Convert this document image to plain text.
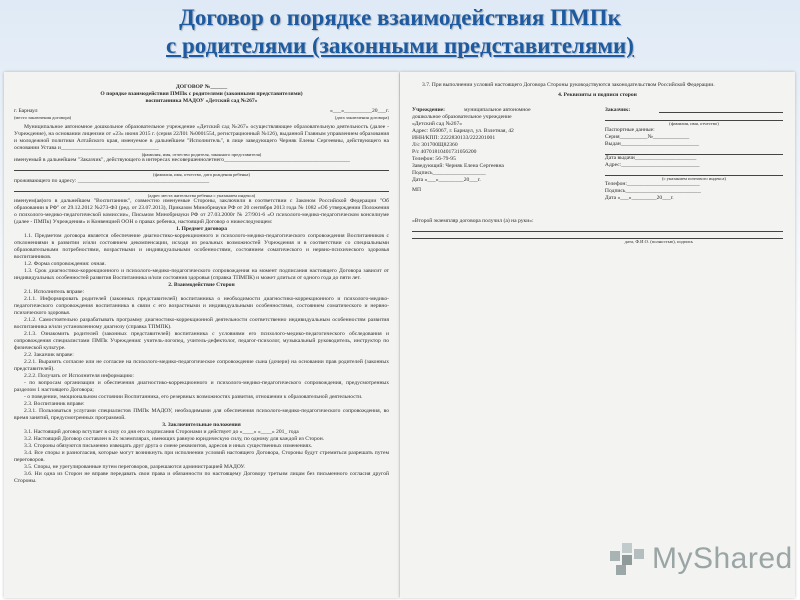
Договор о порядке взаимодействия ПМПк
с родителями (законными представителями)

ДОГОВОР №______

О порядке взаимодействия ПМПк с родителями (законными представителями)

воспитанника МАДОУ «Детский сад №267»

г. Барнаул	«___»__________20___г.
(место заключения договора)	(дата заключения договора)

Муниципальное автономное дошкольное образовательное учреждение «Детский сад №267» осуществляющее образовательную деятельность (далее - Учреждение), на основании лицензии от «23» июня 2015 г. (серия 22Л01 №0001554, регистрационный №126), выданной Главным управлением образования и молодежной политики Алтайского края, именуемое в дальнейшем "Исполнитель", в лице заведующего Черняк Елены Сергеевны, действующего на основании Устава и___________________________________

(фамилия, имя, отчество родителя, законного представителя)

именуемый в дальнейшем "Заказчик", действующего в интересах несовершеннолетнего_____________________________________________

(фамилия, имя, отчество, дата рождения ребенка)

проживающего по адресу: _______________________________________________

(адрес места жительства ребенка с указанием индекса)

именуем(ая)ого в дальнейшем "Воспитанник", совместно именуемые Стороны, заключили в соответствии с Законом Российской Федерации "Об образовании в РФ" от 29.12.2012 №273-ФЗ (ред. от 23.07.2013), Приказом Минобрнауки РФ от 20 сентября 2013 года № 1082 «Об утверждении Положения о психолого-медико-педагогической комиссии», Письмом Минобрнауки РФ от 27.03.2000г № 27/901-6 «О психолого-медико-педагогическом консилиуме (далее - ПМПк) Учреждения» и Конвенцией ООН о правах ребенка, настоящий Договор о нижеследующем:

1. Предмет договора

1.1. Предметом договора является обеспечение диагностико-коррекционного и психолого-медико-педагогического сопровождения Воспитанников с отклонениями в развитии и/или состоянием декомпенсации, исходя из реальных возможностей Учреждения и в соответствии со специальными образовательными потребностями, возрастными и индивидуальными особенностями, состоянием соматического и нервно-психического здоровья воспитанников.

1.2. Форма сопровождения: очная.

1.3. Срок диагностико-коррекционного и психолого-медико-педагогического сопровождения на момент подписания настоящего Договора зависит от индивидуальных особенностей развития Воспитанника и/или состояния здоровья (справка ТПМПК) и может длиться от одного года до пяти лет.

2. Взаимодействие Сторон

2.1. Исполнитель вправе:

2.1.1. Информировать родителей (законных представителей) воспитанника о необходимости диагностико-коррекционного и психолого-медико-педагогического сопровождения воспитанника в связи с его возрастными и индивидуальными особенностями, состоянием соматического и нервно-психического здоровья.

2.1.2. Самостоятельно разрабатывать программу диагностико-коррекционной деятельности соответственно индивидуальным особенностям развития воспитанника и/или установленному диагнозу (справка ТПМПК).

2.1.3. Ознакомить родителей (законных представителей) воспитанника с условиями его психолого-медико-педагогического обследования и сопровождения специалистами ПМПк Учреждения: учитель-логопед, учитель-дефектолог, педагог-психолог, музыкальный руководитель, инструктор по физической культуре.

2.2. Заказчик вправе:

2.2.1. Выразить согласие или не согласие на психолого-медико-педагогическое сопровождение сына (дочери) на основании прав родителей (законных представителей).

2.2.2. Получать от Исполнителя информацию:

- по вопросам организации и обеспечения диагностико-коррекционного и психолого-медико-педагогического сопровождения, предусмотренных разделом 1 настоящего Договора;

- о поведении, эмоциональном состоянии Воспитанника, его резервных возможностях развития, отношении к образовательной деятельности.

2.3. Воспитанник вправе:

2.3.1. Пользоваться услугами специалистов ПМПк МАДОУ, необходимыми для обеспечения психолого-медико-педагогического сопровождения, во время занятий, предусмотренных программой.

3. Заключительные положения

3.1. Настоящий договор вступает в силу со дня его подписания Сторонами и действует до «____» «____» 201_ года

3.2. Настоящий Договор составлен в 2х экземплярах, имеющих равную юридическую силу, по одному для каждой из Сторон.

3.3. Стороны обязуются письменно извещать друг друга о смене реквизитов, адресов и иных существенных изменениях.

3.4. Все споры и разногласия, которые могут возникнуть при исполнении условий настоящего Договора, Стороны будут стремиться разрешать путем переговоров.

3.5. Споры, не урегулированные путем переговоров, разрешаются администрацией МАДОУ.

3.6. Ни одна из Сторон не вправе передавать свои права и обязанности по настоящему Договору третьим лицам без письменного согласия другой Стороны.

3.7. При выполнении условий настоящего Договора Стороны руководствуются законодательством Российской Федерации.

4. Реквизиты и подписи сторон

Учреждение:	муниципальное автономное
дошкольное образовательное учреждение
«Детский сад №267»
Адрес: 656067, г. Барнаул, ул. Взлетная, 42
ИНН/КПП: 2222830133/222201001
Л/с 301700Щ82360
Р/с 40701810401731056200
Телефон: 56-79-95
Заведующий: Черняк Елена Сергеевна
Подпись___________________
Дата «___»_________20___г.
МП
Заказчик:
(фамилия, имя, отчество)
Паспортные данные:
Серия__________№_____________
Выдан____________________________
Дата выдачи______________________
Адрес:____________________________
(с указанием почтового индекса)
Телефон:__________________________
Подпись___________________________
Дата «___»_________20___г.
«Второй экземпляр договора получил (а) на руки»:
дата, Ф.И.О. (полностью), подпись
MyShared
